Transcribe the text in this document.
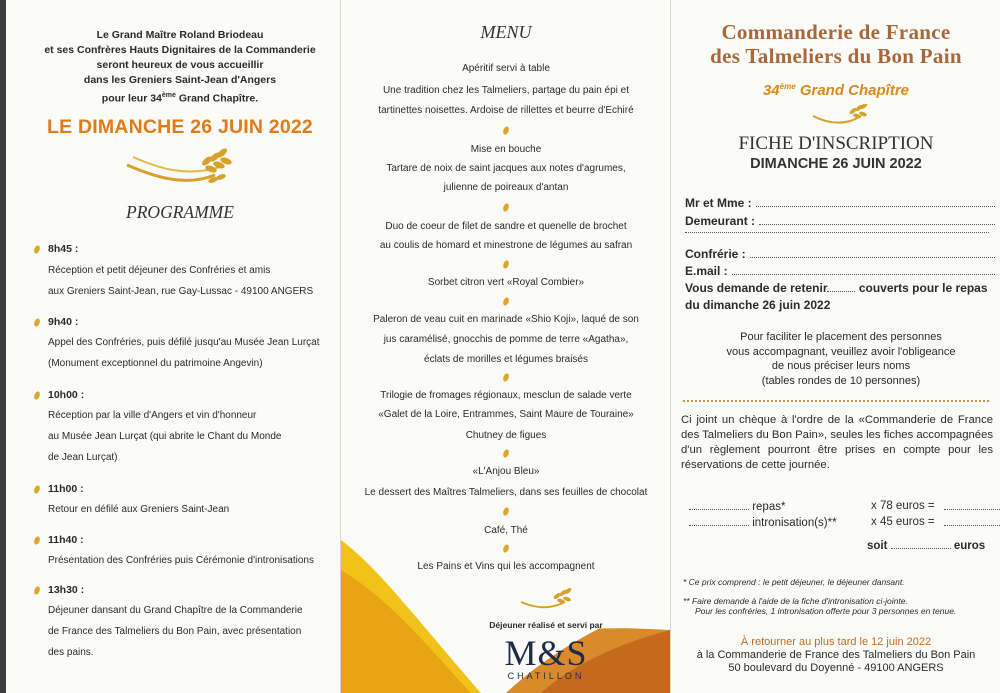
Le Grand Maître Roland Briodeau
et ses Confrères Hauts Dignitaires de la Commanderie
seront heureux de vous accueillir
dans les Greniers Saint-Jean d'Angers
pour leur 34ème Grand Chapître.
LE DIMANCHE 26 JUIN 2022
PROGRAMME
8h45 :
Réception et petit déjeuner des Confréries et amis
aux Greniers Saint-Jean, rue Gay-Lussac - 49100 ANGERS
9h40 :
Appel des Confréries, puis défilé jusqu'au Musée Jean Lurçat
(Monument exceptionnel du patrimoine Angevin)
10h00 :
Réception par la ville d'Angers et vin d'honneur
au Musée Jean Lurçat (qui abrite le Chant du Monde
de Jean Lurçat)
11h00 :
Retour en défilé aux Greniers Saint-Jean
11h40 :
Présentation des Confréries puis Cérémonie d'intronisations
13h30 :
Déjeuner dansant du Grand Chapître de la Commanderie
de France des Talmeliers du Bon Pain, avec présentation
des pains.
MENU
Apéritif servi à table
Une tradition chez les Talmeliers, partage du pain épi et
tartinettes noisettes. Ardoise de rillettes et beurre d'Echiré
Mise en bouche
Tartare de noix de saint jacques aux notes d'agrumes,
julienne de poireaux d'antan
Duo de coeur de filet de sandre et quenelle de brochet
au coulis de homard et minestrone de légumes au safran
Sorbet citron vert «Royal Combier»
Paleron de veau cuit en marinade «Shio Koji», laqué de son
jus caramélisé, gnocchis de pomme de terre «Agatha»,
éclats de morilles et légumes braisés
Trilogie de fromages régionaux, mesclun de salade verte
«Galet de la Loire, Entrammes, Saint Maure de Touraine»
Chutney de figues
«L'Anjou Bleu»
Le dessert des Maîtres Talmeliers, dans ses feuilles de chocolat
Café, Thé
Les Pains et Vins qui les accompagnent
Déjeuner réalisé et servi par
M&S
CHATILLON
Commanderie de France
des Talmeliers du Bon Pain
34ème Grand Chapître
FICHE D'INSCRIPTION
DIMANCHE 26 JUIN 2022
Mr et Mme :
Demeurant :
Confrérie :
E.mail :
Vous demande de retenir couverts pour le repas
du dimanche 26 juin 2022
Pour faciliter le placement des personnes
vous accompagnant, veuillez avoir l'obligeance
de nous préciser leurs noms
(tables rondes de 10 personnes)
Ci joint un chèque à l'ordre de la «Commanderie de France des Talmeliers du Bon Pain», seules les fiches accompagnées d'un règlement pourront être prises en compte pour les réservations de cette journée.
repas*	x 78 euros =
intronisation(s)**	x 45 euros =
soit	euros
* Ce prix comprend : le petit déjeuner, le déjeuner dansant.
** Faire demande à l'aide de la fiche d'intronisation ci-jointe.
Pour les confréries, 1 intronisation offerte pour 3 personnes en tenue.
À retourner au plus tard le 12 juin 2022
à la Commanderie de France des Talmeliers du Bon Pain
50 boulevard du Doyenné - 49100 ANGERS
